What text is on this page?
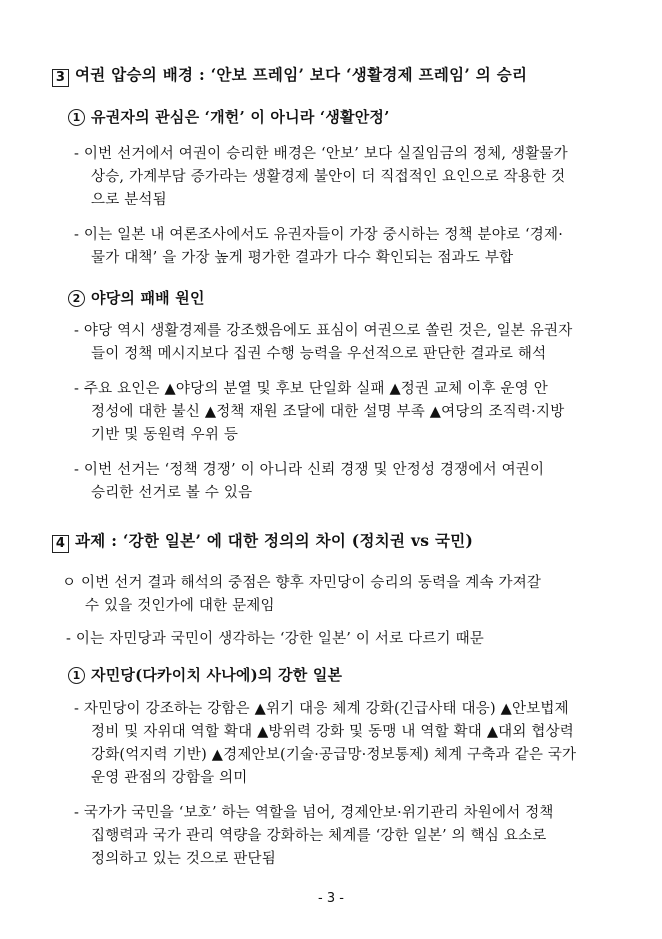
3 여권 압승의 배경 : ‘안보 프레임’ 보다 ‘생활경제 프레임’ 의 승리
1 유권자의 관심은 ‘개헌’ 이 아니라 ‘생활안정’
- 이번 선거에서 여권이 승리한 배경은 ‘안보’ 보다 실질임금의 정체, 생활물가
상승, 가계부담 증가라는 생활경제 불안이 더 직접적인 요인으로 작용한 것
으로 분석됨
- 이는 일본 내 여론조사에서도 유권자들이 가장 중시하는 정책 분야로 ‘경제·
물가 대책’ 을 가장 높게 평가한 결과가 다수 확인되는 점과도 부합
2 야당의 패배 원인
- 야당 역시 생활경제를 강조했음에도 표심이 여권으로 쏠린 것은, 일본 유권자
들이 정책 메시지보다 집권 수행 능력을 우선적으로 판단한 결과로 해석
- 주요 요인은 ▲야당의 분열 및 후보 단일화 실패 ▲정권 교체 이후 운영 안
정성에 대한 불신 ▲정책 재원 조달에 대한 설명 부족 ▲여당의 조직력·지방
기반 및 동원력 우위 등
- 이번 선거는 ‘정책 경쟁’ 이 아니라 신뢰 경쟁 및 안정성 경쟁에서 여권이
승리한 선거로 볼 수 있음
4 과제 : ‘강한 일본’ 에 대한 정의의 차이 (정치권 vs 국민)
ㅇ 이번 선거 결과 해석의 중점은 향후 자민당이 승리의 동력을 계속 가져갈
수 있을 것인가에 대한 문제임
- 이는 자민당과 국민이 생각하는 ‘강한 일본’ 이 서로 다르기 때문
1 자민당(다카이치 사나에)의 강한 일본
- 자민당이 강조하는 강함은 ▲위기 대응 체계 강화(긴급사태 대응) ▲안보법제
정비 및 자위대 역할 확대 ▲방위력 강화 및 동맹 내 역할 확대 ▲대외 협상력
강화(억지력 기반) ▲경제안보(기술·공급망·정보통제) 체계 구축과 같은 국가
운영 관점의 강함을 의미
- 국가가 국민을 ‘보호’ 하는 역할을 넘어, 경제안보·위기관리 차원에서 정책
집행력과 국가 관리 역량을 강화하는 체계를 ‘강한 일본’ 의 핵심 요소로
정의하고 있는 것으로 판단됨
- 3 -
